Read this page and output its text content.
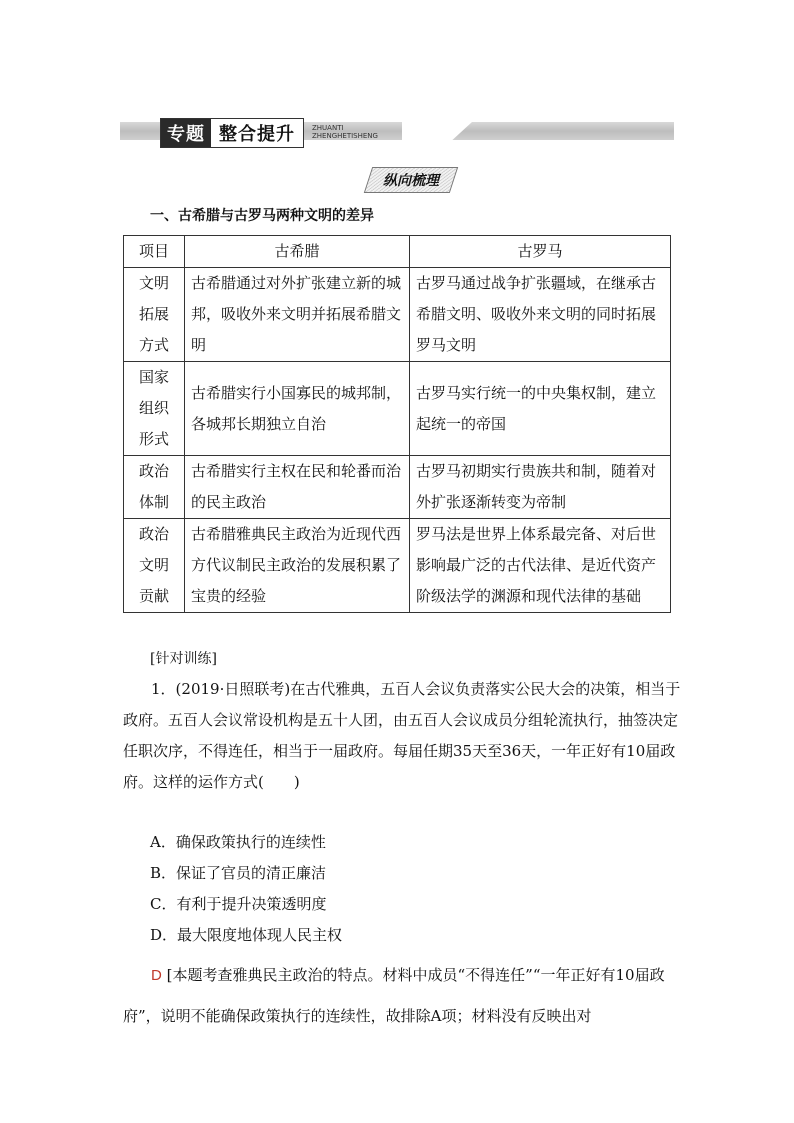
专题 整合提升	ZHUANTI
ZHENGHETISHENG
纵向梳理
一、古希腊与古罗马两种文明的差异
项目	古希腊	古罗马

文明
拓展
方式	古希腊通过对外扩张建立新的城邦，吸收外来文明并拓展希腊文明	古罗马通过战争扩张疆域，在继承古希腊文明、吸收外来文明的同时拓展罗马文明

国家
组织
形式	古希腊实行小国寡民的城邦制，各城邦长期独立自治	古罗马实行统一的中央集权制，建立起统一的帝国

政治
体制	古希腊实行主权在民和轮番而治的民主政治	古罗马初期实行贵族共和制，随着对外扩张逐渐转变为帝制

政治
文明
贡献	古希腊雅典民主政治为近现代西方代议制民主政治的发展积累了宝贵的经验	罗马法是世界上体系最完备、对后世影响最广泛的古代法律、是近代资产阶级法学的渊源和现代法律的基础
[针对训练]
1．(2019·日照联考)在古代雅典，五百人会议负责落实公民大会的决策，相当于政府。五百人会议常设机构是五十人团，由五百人会议成员分组轮流执行，抽签决定任职次序，不得连任，相当于一届政府。每届任期35天至36天，一年正好有10届政府。这样的运作方式(　　)
A．确保政策执行的连续性
B．保证了官员的清正廉洁
C．有利于提升决策透明度
D．最大限度地体现人民主权
D [本题考查雅典民主政治的特点。材料中成员“不得连任”“一年正好有10届政府”，说明不能确保政策执行的连续性，故排除A项；材料没有反映出对
